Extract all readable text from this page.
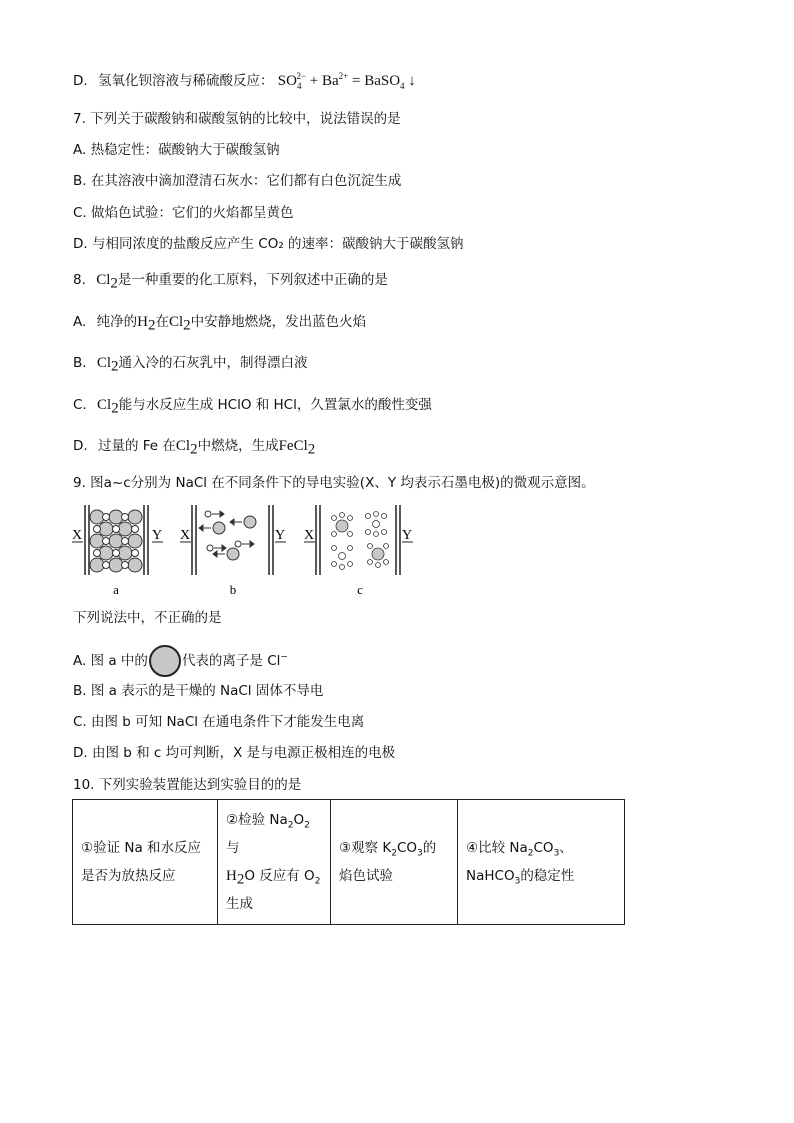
D. 氢氧化钡溶液与稀硫酸反应： $SO_4^{2-} + Ba^{2+}$ = BaSO$_4$ ↓
7. 下列关于碳酸钠和碳酸氢钠的比较中，说法错误的是
A. 热稳定性：碳酸钠大于碳酸氢钠
B. 在其溶液中滴加澄清石灰水：它们都有白色沉淀生成
C. 做焰色试验：它们的火焰都呈黄色
D. 与相同浓度的盐酸反应产生 CO₂ 的速率：碳酸钠大于碳酸氢钠
8. $Cl_2$是一种重要的化工原料，下列叙述中正确的是
A. 纯净的$H_2$在$Cl_2$中安静地燃烧，发出蓝色火焰
B. $Cl_2$通入冷的石灰乳中，制得漂白液
C. $Cl_2$能与水反应生成 HClO 和 HCl，久置氯水的酸性变强
D. 过量的 Fe 在$Cl_2$中燃烧，生成FeCl$_2$
9. 图a~c分别为 NaCl 在不同条件下的导电实验(X、Y 均表示石墨电极)的微观示意图。
X	Y
a
X	Y
b
X	Y
c
下列说法中，不正确的是
A. 图 a 中的	代表的离子是 Cl−
B. 图 a 表示的是干燥的 NaCl 固体不导电
C. 由图 b 可知 NaCl 在通电条件下才能发生电离
D. 由图 b 和 c 均可判断，X 是与电源正极相连的电极
10. 下列实验装置能达到实验目的的是
①验证 Na 和水反应
是否为放热反应

②检验 $Na_2O_2$与
$H_2O$ 反应有 $O_2$
生成

③观察 $K_2CO_3$的
焰色试验

④比较 $Na_2CO_3$、
NaHCO$_3$的稳定性
